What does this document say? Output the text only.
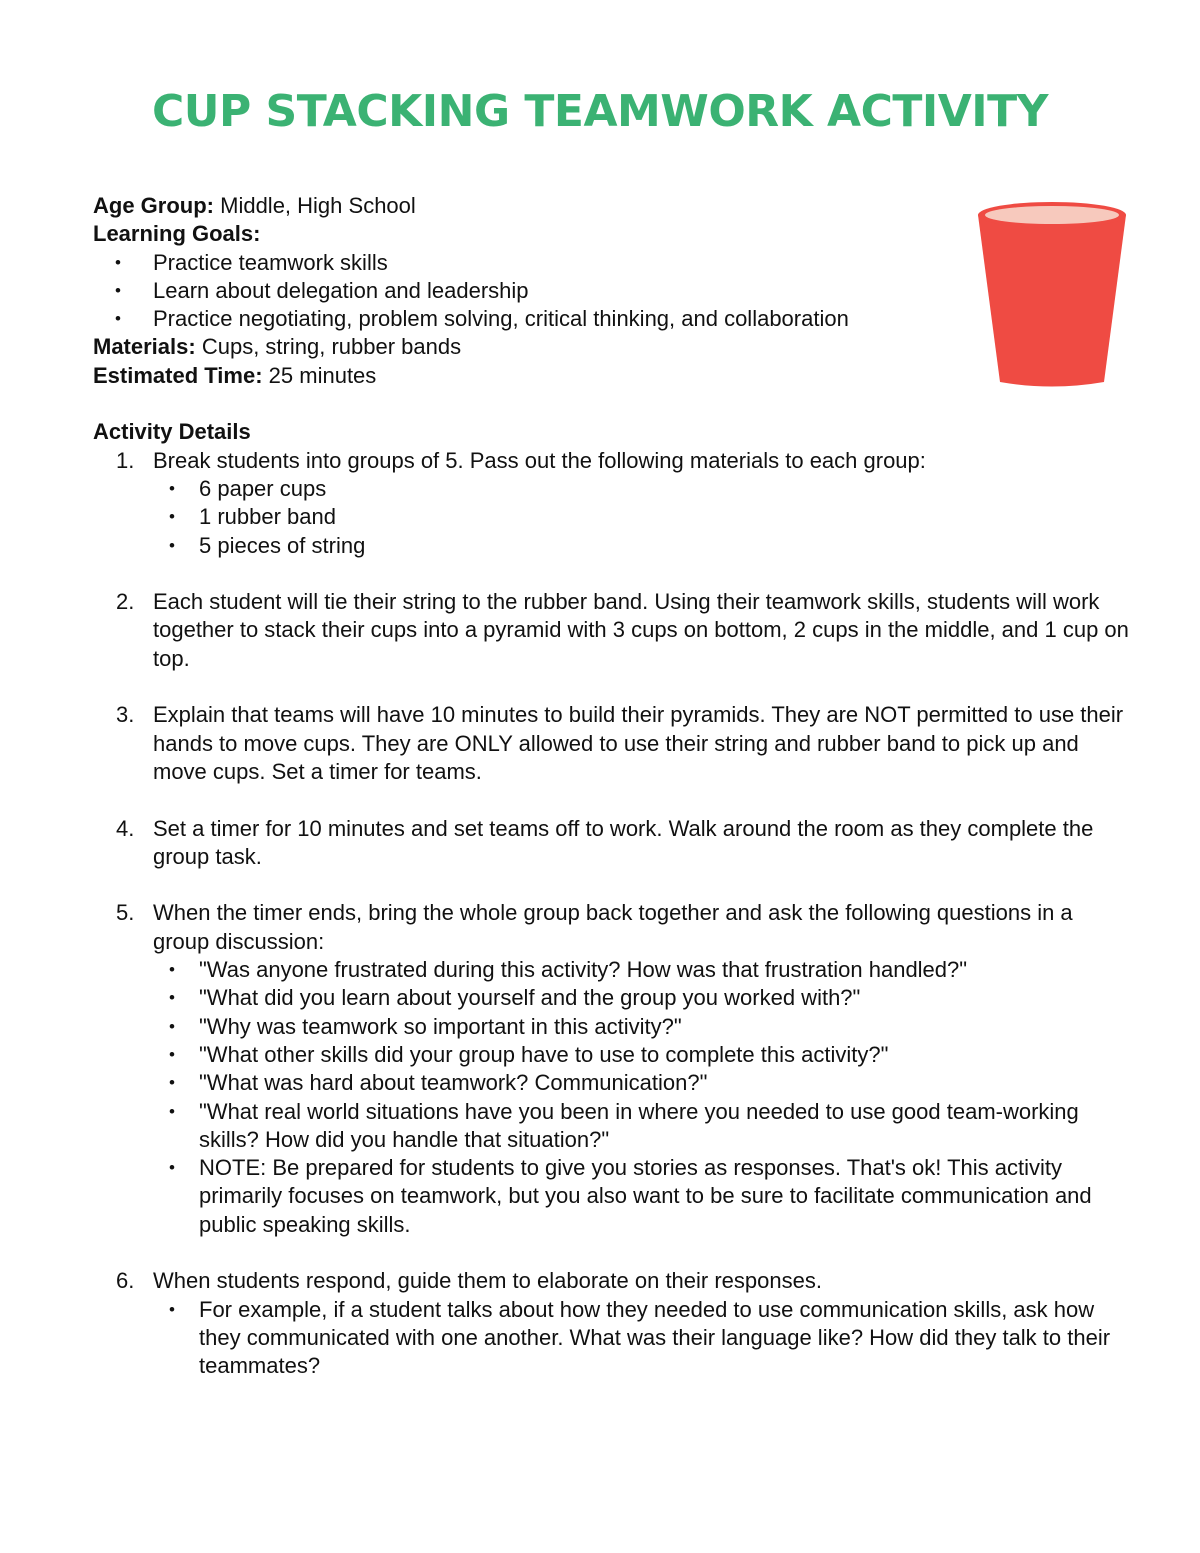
CUP STACKING TEAMWORK ACTIVITY

Age Group: Middle, High School

Learning Goals:

• Practice teamwork skills
• Learn about delegation and leadership
• Practice negotiating, problem solving, critical thinking, and collaboration

Materials: Cups, string, rubber bands

Estimated Time: 25 minutes

Activity Details

1. Break students into groups of 5. Pass out the following materials to each group:
• 6 paper cups
• 1 rubber band
• 5 pieces of string
2. Each student will tie their string to the rubber band. Using their teamwork skills, students will work together to stack their cups into a pyramid with 3 cups on bottom, 2 cups in the middle, and 1 cup on top.
3. Explain that teams will have 10 minutes to build their pyramids. They are NOT permitted to use their hands to move cups. They are ONLY allowed to use their string and rubber band to pick up and move cups. Set a timer for teams.
4. Set a timer for 10 minutes and set teams off to work. Walk around the room as they complete the group task.
5. When the timer ends, bring the whole group back together and ask the following questions in a group discussion:
• "Was anyone frustrated during this activity? How was that frustration handled?"
• "What did you learn about yourself and the group you worked with?"
• "Why was teamwork so important in this activity?"
• "What other skills did your group have to use to complete this activity?"
• "What was hard about teamwork? Communication?"
• "What real world situations have you been in where you needed to use good team-working skills? How did you handle that situation?"
• NOTE: Be prepared for students to give you stories as responses. That's ok! This activity primarily focuses on teamwork, but you also want to be sure to facilitate communication and public speaking skills.
6. When students respond, guide them to elaborate on their responses.
• For example, if a student talks about how they needed to use communication skills, ask how they communicated with one another. What was their language like? How did they talk to their teammates?
